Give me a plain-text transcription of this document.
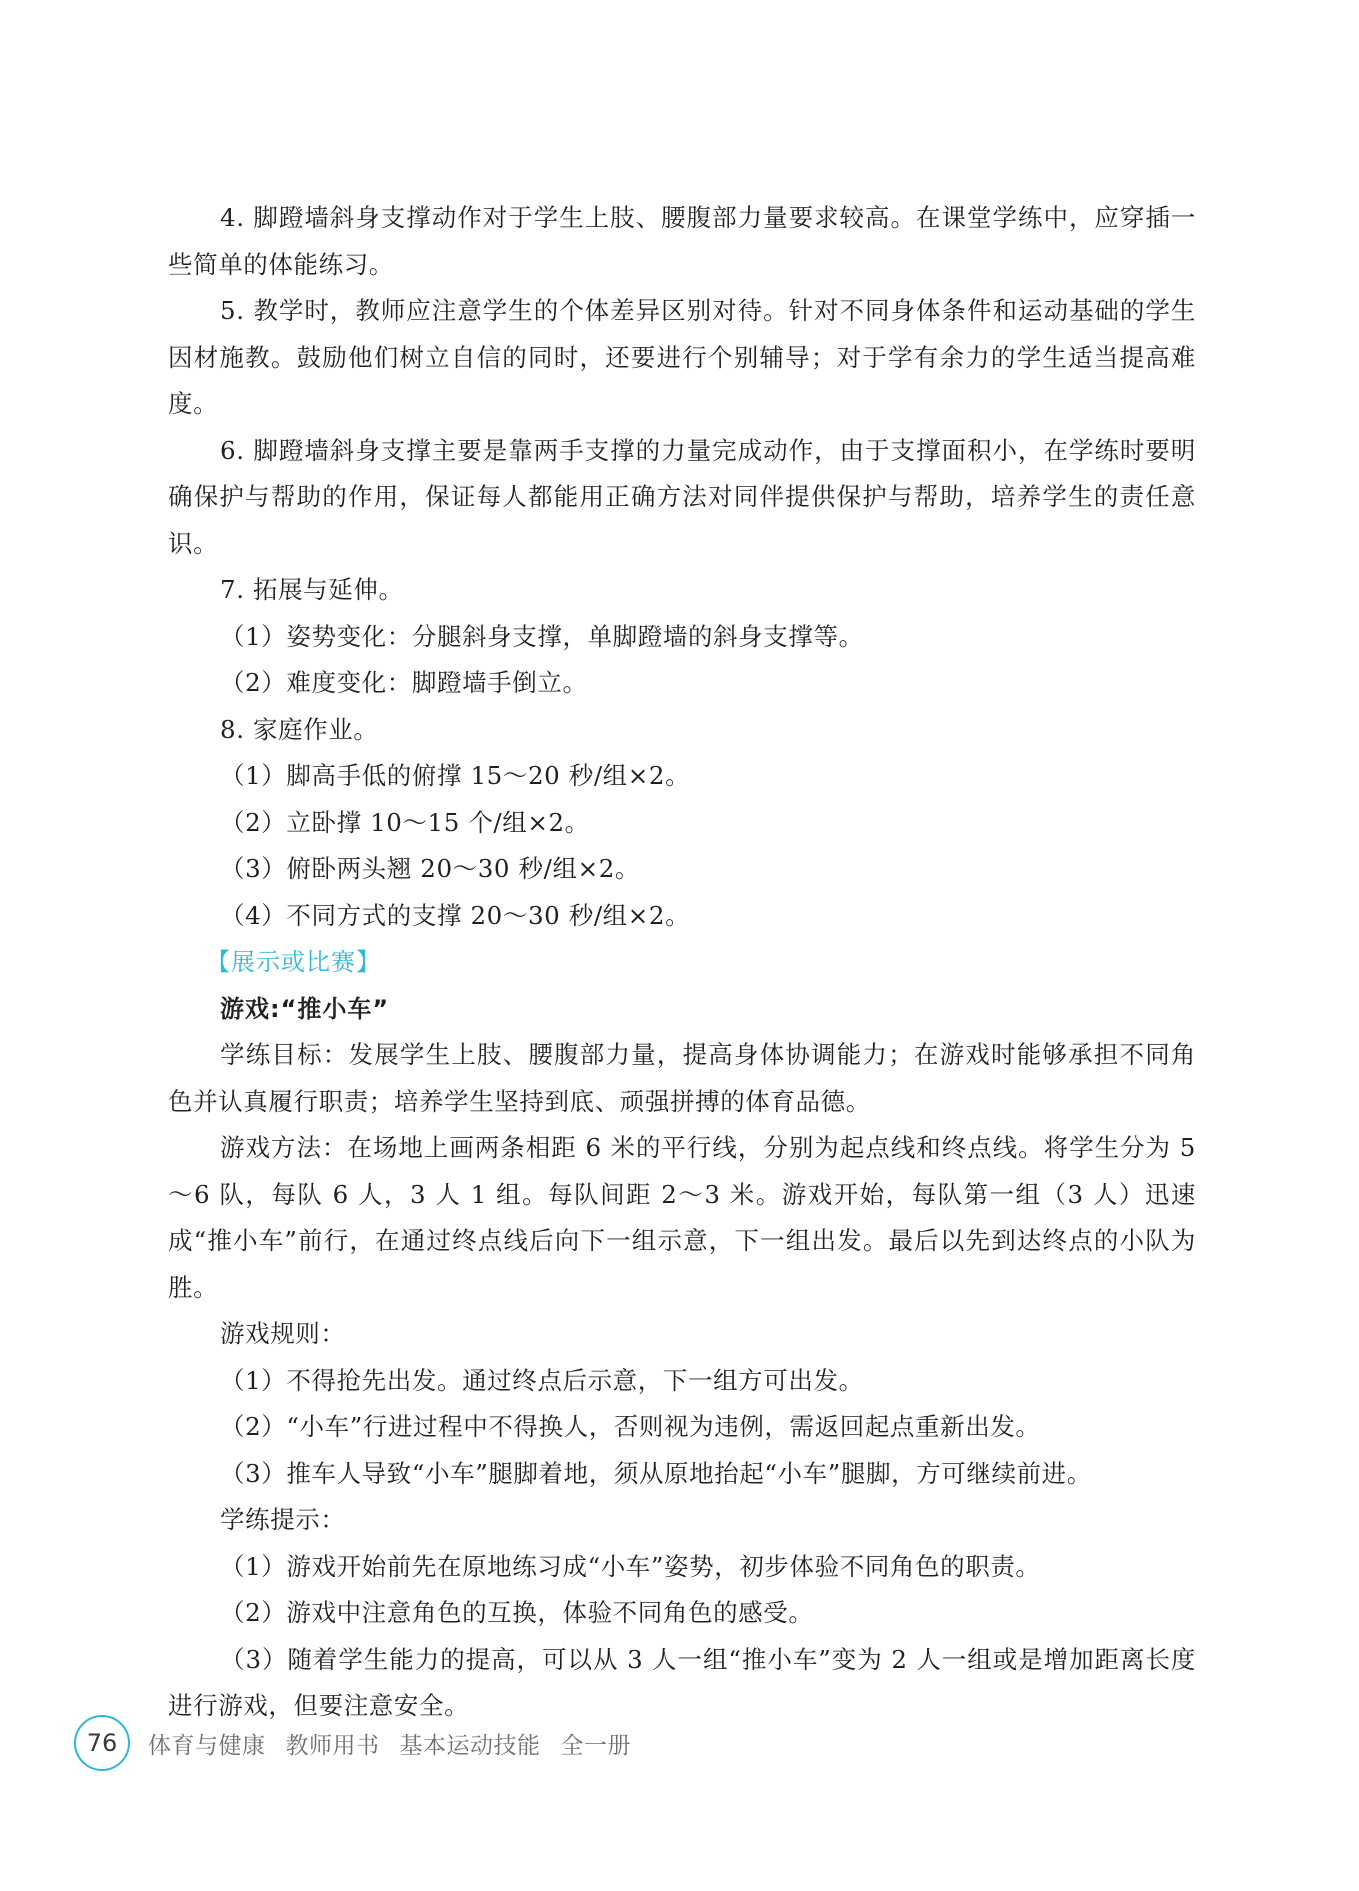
4. 脚蹬墙斜身支撑动作对于学生上肢、腰腹部力量要求较高。在课堂学练中，应穿插一些简单的体能练习。

5. 教学时，教师应注意学生的个体差异区别对待。针对不同身体条件和运动基础的学生因材施教。鼓励他们树立自信的同时，还要进行个别辅导；对于学有余力的学生适当提高难度。

6. 脚蹬墙斜身支撑主要是靠两手支撑的力量完成动作，由于支撑面积小，在学练时要明确保护与帮助的作用，保证每人都能用正确方法对同伴提供保护与帮助，培养学生的责任意识。

7. 拓展与延伸。

（1）姿势变化：分腿斜身支撑，单脚蹬墙的斜身支撑等。

（2）难度变化：脚蹬墙手倒立。

8. 家庭作业。

（1）脚高手低的俯撑 15～20 秒/组×2。

（2）立卧撑 10～15 个/组×2。

（3）俯卧两头翘 20～30 秒/组×2。

（4）不同方式的支撑 20～30 秒/组×2。

【展示或比赛】

游戏:“推小车”

学练目标：发展学生上肢、腰腹部力量，提高身体协调能力；在游戏时能够承担不同角色并认真履行职责；培养学生坚持到底、顽强拼搏的体育品德。

游戏方法：在场地上画两条相距 6 米的平行线，分别为起点线和终点线。将学生分为 5～6 队，每队 6 人，3 人 1 组。每队间距 2～3 米。游戏开始，每队第一组（3 人）迅速成“推小车”前行，在通过终点线后向下一组示意，下一组出发。最后以先到达终点的小队为胜。

游戏规则：

（1）不得抢先出发。通过终点后示意，下一组方可出发。

（2）“小车”行进过程中不得换人，否则视为违例，需返回起点重新出发。

（3）推车人导致“小车”腿脚着地，须从原地抬起“小车”腿脚，方可继续前进。

学练提示：

（1）游戏开始前先在原地练习成“小车”姿势，初步体验不同角色的职责。

（2）游戏中注意角色的互换，体验不同角色的感受。

（3）随着学生能力的提高，可以从 3 人一组“推小车”变为 2 人一组或是增加距离长度进行游戏，但要注意安全。

76 体育与健康 教师用书 基本运动技能 全一册
